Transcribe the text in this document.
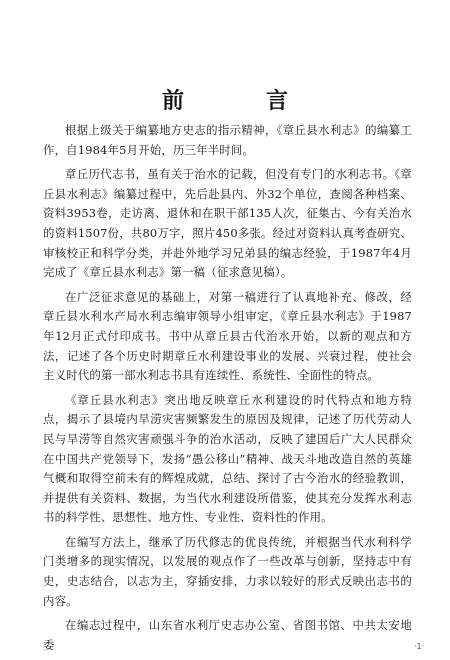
前　言

根据上级关于编纂地方史志的指示精神，《章丘县水利志》的编纂工作，自1984年5月开始，历三年半时间。

章丘历代志书，虽有关于治水的记载，但没有专门的水利志书。《章丘县水利志》编纂过程中，先后赴县内、外32个单位，查阅各种档案、资料3953卷，走访离、退休和在职干部135人次，征集古、今有关治水的资料1507份，共80万字，照片450多张。经过对资料认真考查研究、审核校正和科学分类，并赴外地学习兄弟县的编志经验，于1987年4月完成了《章丘县水利志》第一稿（征求意见稿）。

在广泛征求意见的基础上，对第一稿进行了认真地补充、修改，经章丘县水利水产局水利志编审领导小组审定，《章丘县水利志》于1987年12月正式付印成书。书中从章丘县古代治水开始，以新的观点和方法，记述了各个历史时期章丘水利建设事业的发展、兴衰过程，使社会主义时代的第一部水利志书具有连续性、系统性、全面性的特点。

《章丘县水利志》突出地反映章丘水利建设的时代特点和地方特点，揭示了县境内旱涝灾害频繁发生的原因及规律，记述了历代劳动人民与旱涝等自然灾害顽强斗争的治水活动，反映了建国后广大人民群众在中国共产党领导下，发扬“愚公移山”精神、战天斗地改造自然的英雄气概和取得空前未有的辉煌成就，总结、探讨了古今治水的经验教训，并提供有关资料、数据，为当代水利建设所借鉴，使其充分发挥水利志书的科学性、思想性、地方性、专业性、资料性的作用。

在编写方法上，继承了历代修志的优良传统，并根据当代水利科学门类增多的现实情况，以发展的观点作了一些改革与创新，坚持志中有史，史志结合，以志为主，穿插安排，力求以较好的形式反映出志书的内容。

在编志过程中，山东省水利厅史志办公室、省图书馆、中共太安地委	·1·
